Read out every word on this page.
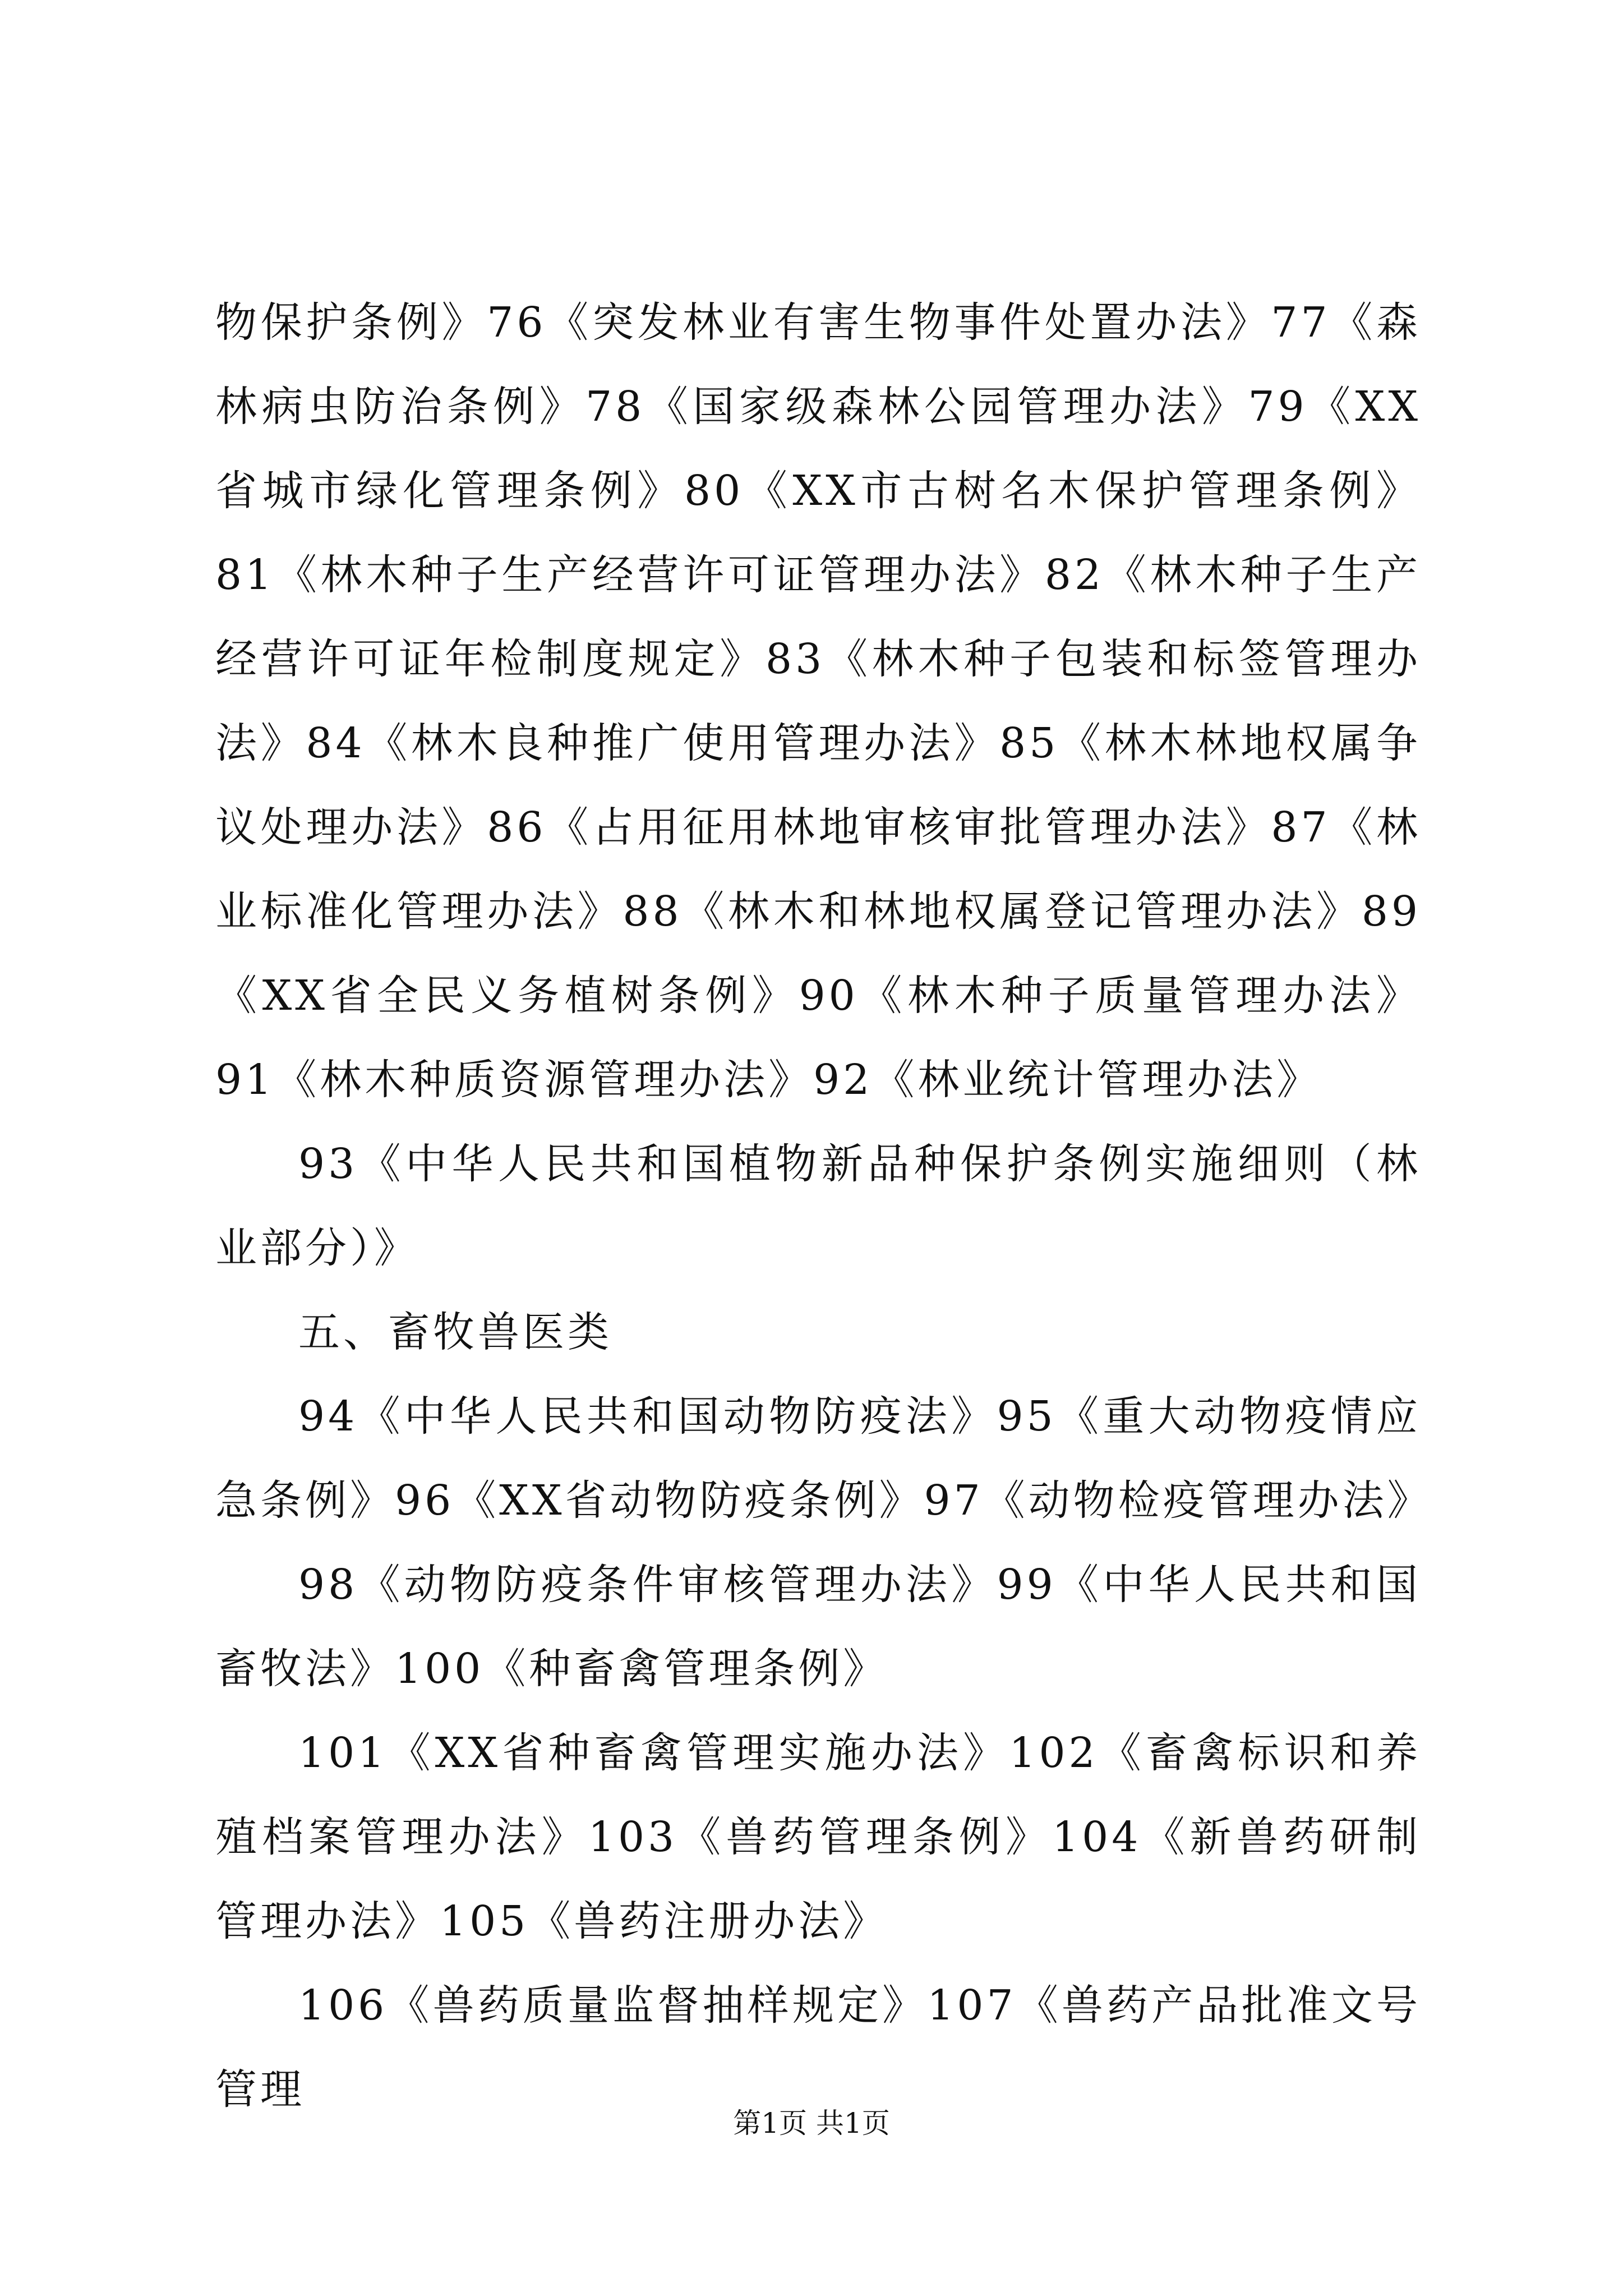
物保护条例》76《突发林业有害生物事件处置办法》77《森林病虫防治条例》78《国家级森林公园管理办法》79《XX省城市绿化管理条例》80《XX市古树名木保护管理条例》81《林木种子生产经营许可证管理办法》82《林木种子生产经营许可证年检制度规定》83《林木种子包装和标签管理办法》84《林木良种推广使用管理办法》85《林木林地权属争议处理办法》86《占用征用林地审核审批管理办法》87《林业标准化管理办法》88《林木和林地权属登记管理办法》89《XX省全民义务植树条例》90《林木种子质量管理办法》91《林木种质资源管理办法》92《林业统计管理办法》

93《中华人民共和国植物新品种保护条例实施细则（林业部分）》

五、畜牧兽医类

94《中华人民共和国动物防疫法》95《重大动物疫情应急条例》96《XX省动物防疫条例》97《动物检疫管理办法》

98《动物防疫条件审核管理办法》99《中华人民共和国畜牧法》100《种畜禽管理条例》

101《XX省种畜禽管理实施办法》102《畜禽标识和养殖档案管理办法》103《兽药管理条例》104《新兽药研制管理办法》105《兽药注册办法》

106《兽药质量监督抽样规定》107《兽药产品批准文号管理

第1页 共1页
